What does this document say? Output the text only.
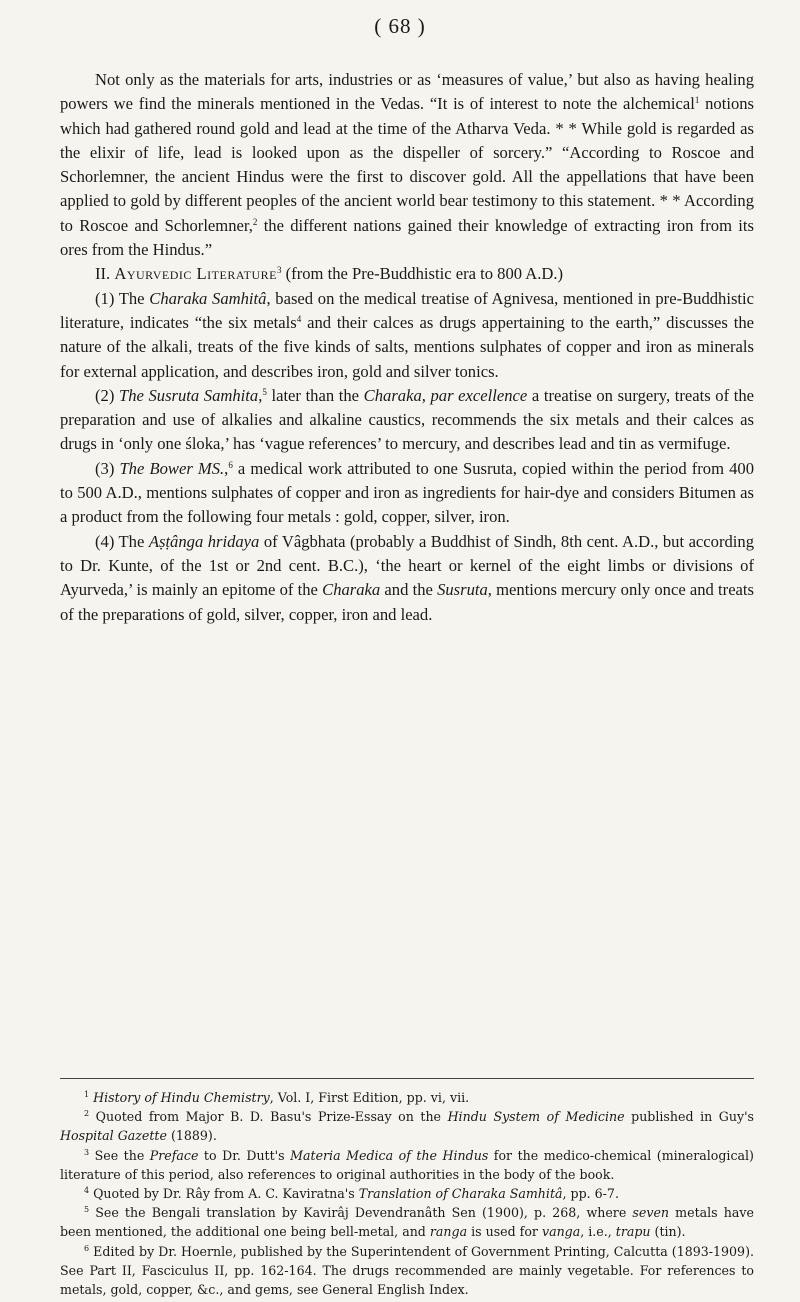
( 68 )

Not only as the materials for arts, industries or as ‘measures of value,’ but also as having healing powers we find the minerals mentioned in the Vedas. “It is of interest to note the alchemical$^1$ notions which had gathered round gold and lead at the time of the Atharva Veda. * * While gold is regarded as the elixir of life, lead is looked upon as the dispeller of sorcery.” “According to Roscoe and Schorlemner, the ancient Hindus were the first to discover gold. All the appellations that have been applied to gold by different peoples of the ancient world bear testimony to this statement. * * According to Roscoe and Schorlemner,$^2$ the different nations gained their knowledge of extracting iron from its ores from the Hindus.”

II. Ayurvedic Literature$^3$ (from the Pre-Buddhistic era to 800 A.D.)

(1) The Charaka Samhitâ, based on the medical treatise of Agnivesa, mentioned in pre-Buddhistic literature, indicates “the six metals$^4$ and their calces as drugs appertaining to the earth,” discusses the nature of the alkali, treats of the five kinds of salts, mentions sulphates of copper and iron as minerals for external application, and describes iron, gold and silver tonics.

(2) The Susruta Samhita,$^5$ later than the Charaka, par excellence a treatise on surgery, treats of the preparation and use of alkalies and alkaline caustics, recommends the six metals and their calces as drugs in ‘only one śloka,’ has ‘vague references’ to mercury, and describes lead and tin as vermifuge.

(3) The Bower MS.,$^6$ a medical work attributed to one Susruta, copied within the period from 400 to 500 A.D., mentions sulphates of copper and iron as ingredients for hair-dye and considers Bitumen as a product from the following four metals : gold, copper, silver, iron.

(4) The Aṣṭânga hridaya of Vâgbhata (probably a Buddhist of Sindh, 8th cent. A.D., but according to Dr. Kunte, of the 1st or 2nd cent. B.C.), ‘the heart or kernel of the eight limbs or divisions of Ayurveda,’ is mainly an epitome of the Charaka and the Susruta, mentions mercury only once and treats of the preparations of gold, silver, copper, iron and lead.

$^1$ History of Hindu Chemistry, Vol. I, First Edition, pp. vi, vii.

$^2$ Quoted from Major B. D. Basu's Prize-Essay on the Hindu System of Medicine published in Guy's Hospital Gazette (1889).

$^3$ See the Preface to Dr. Dutt's Materia Medica of the Hindus for the medico-chemical (mineralogical) literature of this period, also references to original authorities in the body of the book.

$^4$ Quoted by Dr. Rây from A. C. Kaviratna's Translation of Charaka Samhitâ, pp. 6-7.

$^5$ See the Bengali translation by Kavirâj Devendranâth Sen (1900), p. 268, where seven metals have been mentioned, the additional one being bell-metal, and ranga is used for vanga, i.e., trapu (tin).

$^6$ Edited by Dr. Hoernle, published by the Superintendent of Government Printing, Calcutta (1893-1909). See Part II, Fasciculus II, pp. 162-164. The drugs recommended are mainly vegetable. For references to metals, gold, copper, &c., and gems, see General English Index.
